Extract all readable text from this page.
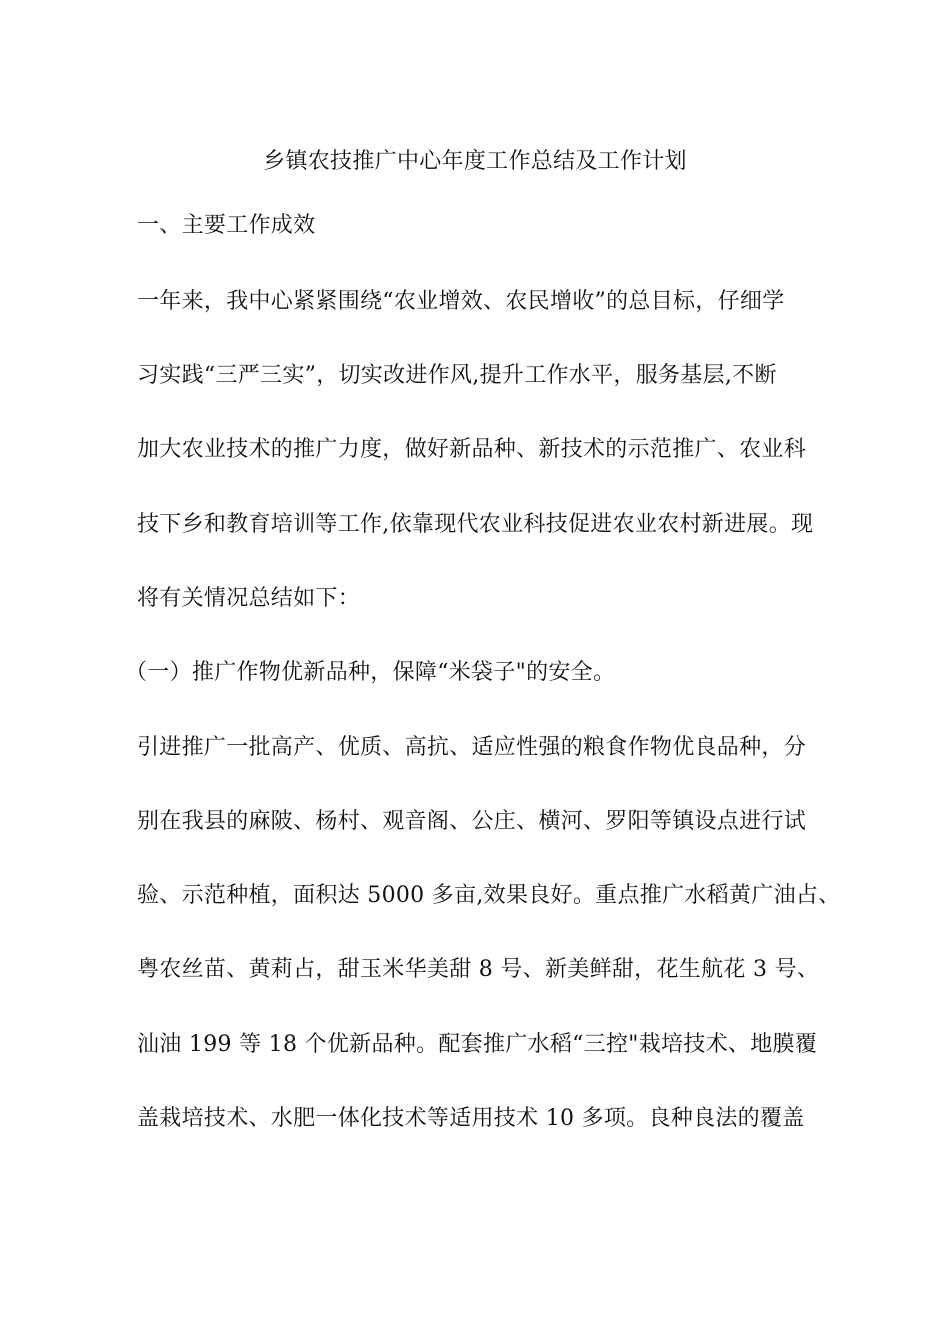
乡镇农技推广中心年度工作总结及工作计划
一、主要工作成效
一年来，我中心紧紧围绕“农业增效、农民增收”的总目标，仔细学
习实践“三严三实”，切实改进作风,提升工作水平，服务基层,不断
加大农业技术的推广力度，做好新品种、新技术的示范推广、农业科
技下乡和教育培训等工作,依靠现代农业科技促进农业农村新进展。现
将有关情况总结如下：
（一）推广作物优新品种，保障“米袋子"的安全。
引进推广一批高产、优质、高抗、适应性强的粮食作物优良品种，分
别在我县的麻陂、杨村、观音阁、公庄、横河、罗阳等镇设点进行试
验、示范种植，面积达 5000 多亩,效果良好。重点推广水稻黄广油占、
粤农丝苗、黄莉占，甜玉米华美甜 8 号、新美鲜甜，花生航花 3 号、
汕油 199 等 18 个优新品种。配套推广水稻“三控"栽培技术、地膜覆
盖栽培技术、水肥一体化技术等适用技术 10 多项。良种良法的覆盖
